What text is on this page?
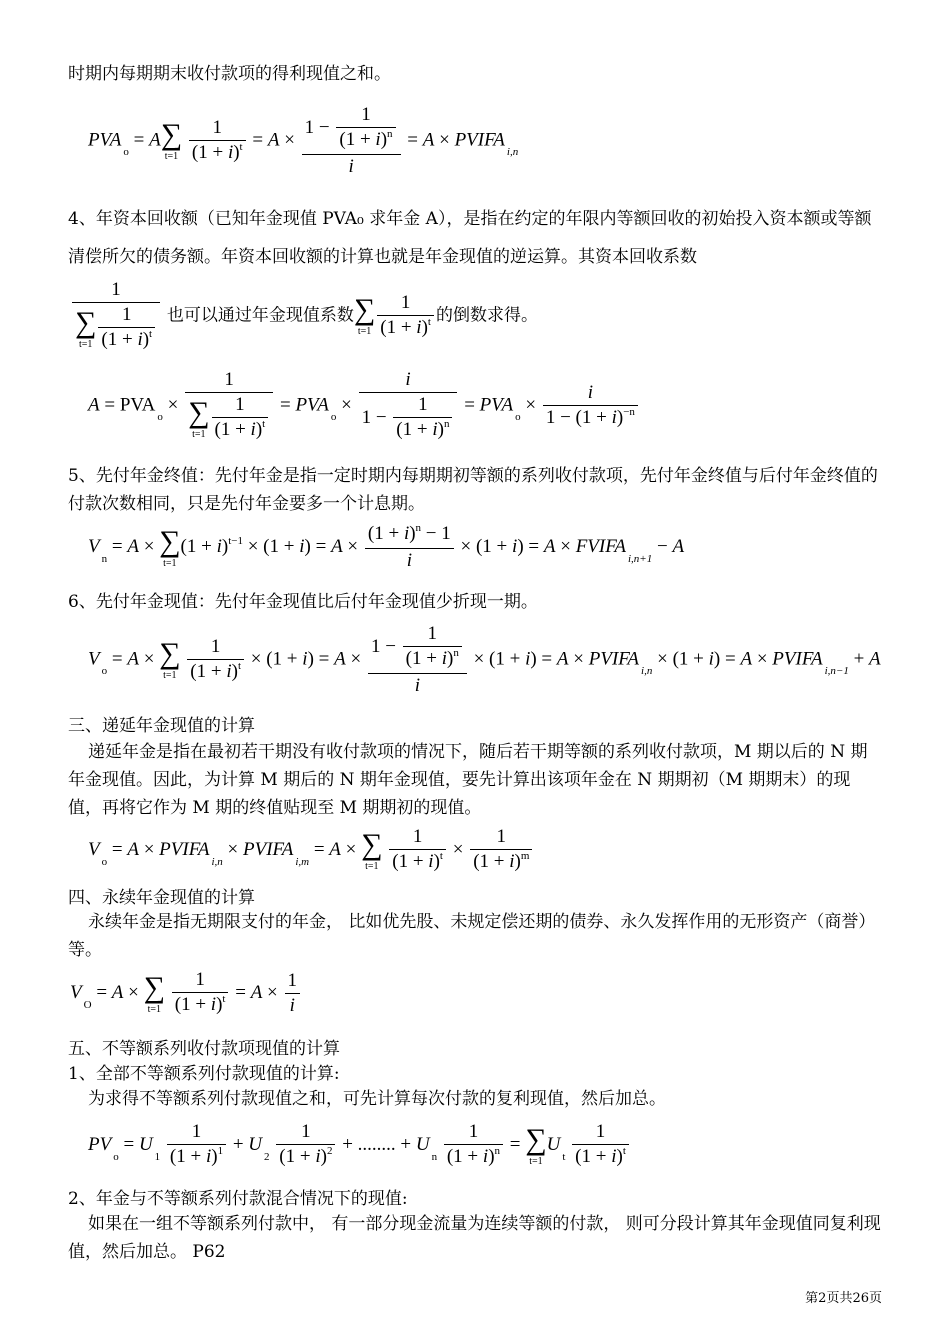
时期内每期期末收付款项的得利现值之和。
$PVA_o = A$ ∑
t=1
$\frac{1}{(1 + i)^t} = A \times \frac{1 - \frac{1}{(1 + i)^n}}{i} = A$ × $PVIFA_{i,n}$
4、年资本回收额（已知年金现值 PVA₀ 求年金 A），是指在约定的年限内等额回收的初始投入资本额或等额清偿所欠的债务额。年资本回收额的计算也就是年金现值的逆运算。其资本回收系数
1
∑
$t=1 \frac{1}{(1 + i)^t}$ 也可以通过年金现值系数 ∑
$t=1 \frac{1}{(1 + i)^t}$ 的倒数求得。
$A = PVA_o \times 1$
∑
$t=1 \frac{1}{(1 + i)^t} = PVA_o \times \frac{i}{1 - \frac{1}{(1 + i)^n}} = PVA_o \times \frac{i}{1 - (1 + i)^{-n}}$
5、先付年金终值：先付年金是指一定时期内每期期初等额的系列收付款项，先付年金终值与后付年金终值的付款次数相同，只是先付年金要多一个计息期。
$V_n = A$ × ∑
t=1
$(1 + i)^{t-1} \times (1 + i) = A \times \frac{(1 + i)^n - 1}{i} \times (1 + i) = A$ × $FVIFA_{i,n+1} - A$
6、先付年金现值：先付年金现值比后付年金现值少折现一期。
$V_o = A$ × ∑
t=1
$\frac{1}{(1 + i)^t} \times (1 + i) = A \times \frac{1 - \frac{1}{(1 + i)^n}}{i} \times (1 + i) = A$ × $PVIFA_{i,n} \times (1 + i) = A$ × $PVIFA_{i,n-1} + A$
三、递延年金现值的计算
递延年金是指在最初若干期没有收付款项的情况下，随后若干期等额的系列收付款项，M 期以后的 N 期年金现值。因此，为计算 M 期后的 N 期年金现值，要先计算出该项年金在 N 期期初（M 期期末）的现值，再将它作为 M 期的终值贴现至 M 期期初的现值。
$V_o = A$ × $PVIFA_{i,n}$ × $PVIFA_{i,m} = A$ × ∑
t=1
$\frac{1}{(1 + i)^t} \times \frac{1}{(1 + i)^m}$
四、永续年金现值的计算
永续年金是指无期限支付的年金， 比如优先股、未规定偿还期的债券、永久发挥作用的无形资产（商誉）等。
$V_O = A$ × ∑
t=1
$\frac{1}{(1 + i)^t} = A \times \frac{1}{i}$
五、不等额系列收付款项现值的计算
1、全部不等额系列付款现值的计算:
为求得不等额系列付款现值之和，可先计算每次付款的复利现值，然后加总。
$PV_o = U_1 \frac{1}{(1 + i)^1} + U_2 \frac{1}{(1 + i)^2}$ + ........ + $U_n \frac{1}{(1 + i)^n}$ = ∑
t=1
$U_t \frac{1}{(1 + i)^t}$
2、年金与不等额系列付款混合情况下的现值:
如果在一组不等额系列付款中， 有一部分现金流量为连续等额的付款， 则可分段计算其年金现值同复利现值，然后加总。 P62
第2页共26页
